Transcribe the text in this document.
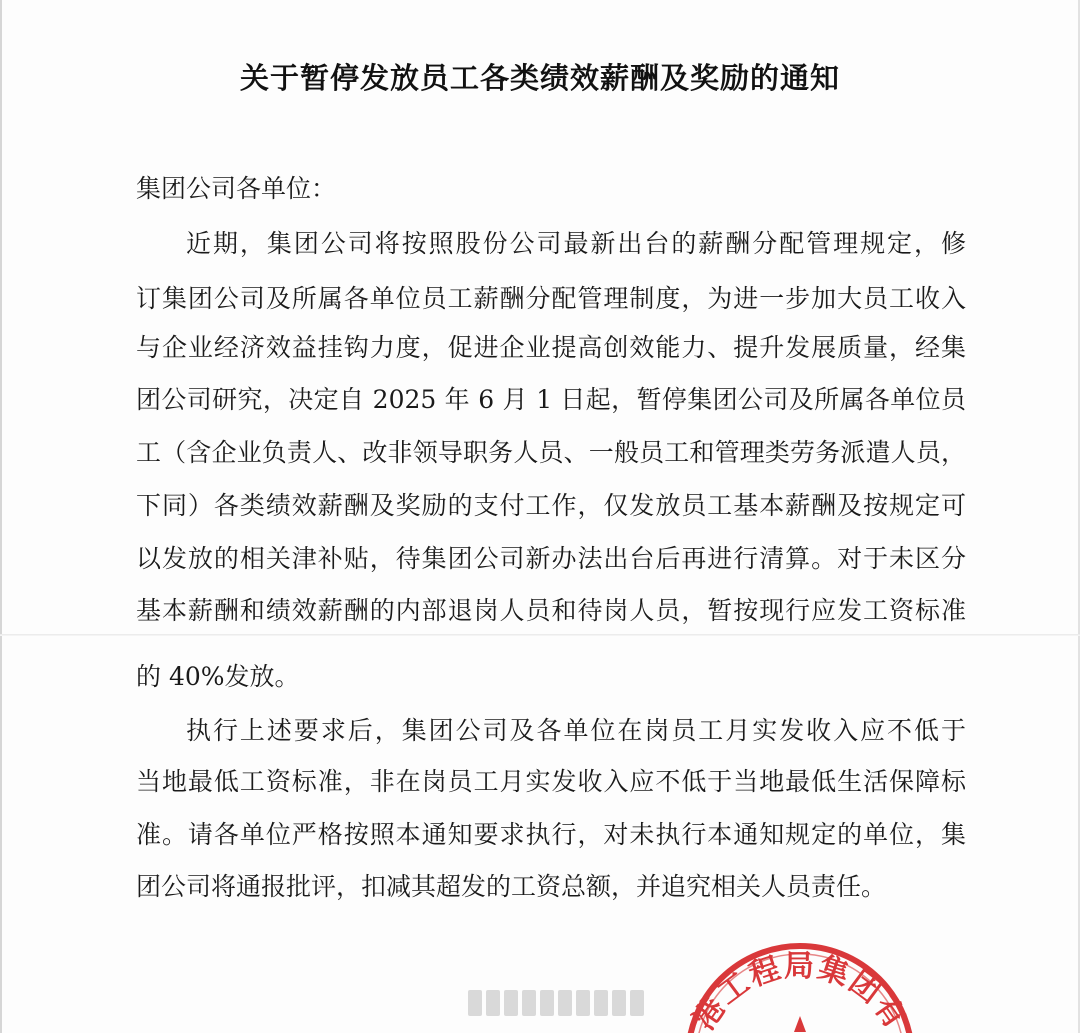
关于暂停发放员工各类绩效薪酬及奖励的通知
集团公司各单位：
近期，集团公司将按照股份公司最新出台的薪酬分配管理规定，修
订集团公司及所属各单位员工薪酬分配管理制度，为进一步加大员工收入
与企业经济效益挂钩力度，促进企业提高创效能力、提升发展质量，经集
团公司研究，决定自 2025 年 6 月 1 日起，暂停集团公司及所属各单位员
工（含企业负责人、改非领导职务人员、一般员工和管理类劳务派遣人员，
下同）各类绩效薪酬及奖励的支付工作，仅发放员工基本薪酬及按规定可
以发放的相关津补贴，待集团公司新办法出台后再进行清算。对于未区分
基本薪酬和绩效薪酬的内部退岗人员和待岗人员，暂按现行应发工资标准
的 40%发放。
执行上述要求后，集团公司及各单位在岗员工月实发收入应不低于
当地最低工资标准，非在岗员工月实发收入应不低于当地最低生活保障标
准。请各单位严格按照本通知要求执行，对未执行本通知规定的单位，集
团公司将通报批评，扣减其超发的工资总额，并追究相关人员责任。
港工程局集团有
